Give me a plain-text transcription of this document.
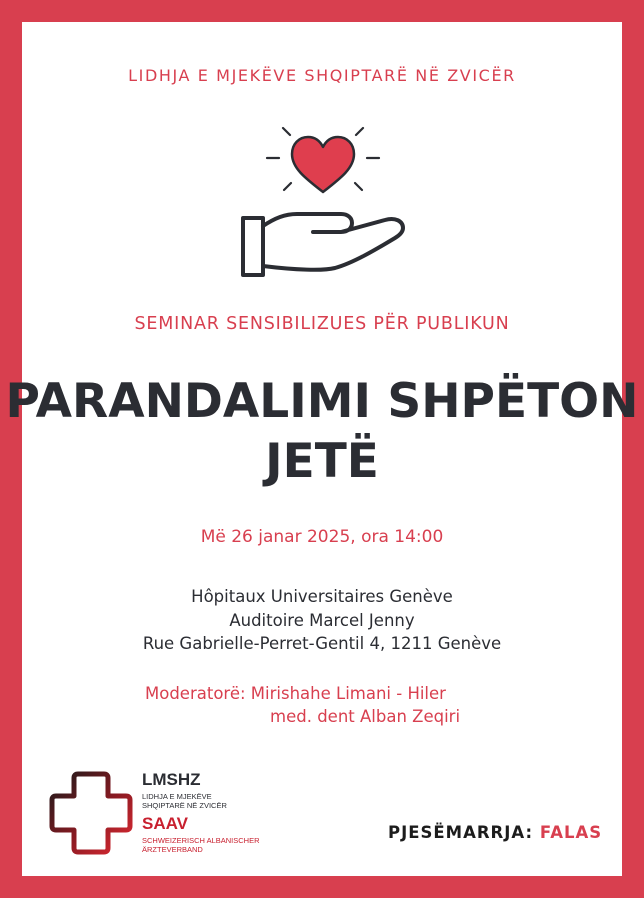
LIDHJA E MJEKËVE SHQIPTARË NË ZVICËR
SEMINAR SENSIBILIZUES PËR PUBLIKUN
PARANDALIMI SHPËTON
JETË
Më 26 janar 2025, ora 14:00
Hôpitaux Universitaires Genève
Auditoire Marcel Jenny
Rue Gabrielle-Perret-Gentil 4, 1211 Genève
Moderatorë: Mirishahe Limani - Hiler
med. dent Alban Zeqiri
LMSHZ
LIDHJA E MJEKËVE SHQIPTARË NË ZVICËR
SAAV
SCHWEIZERISCH ALBANISCHER ÄRZTEVERBAND
PJESËMARRJA: FALAS
